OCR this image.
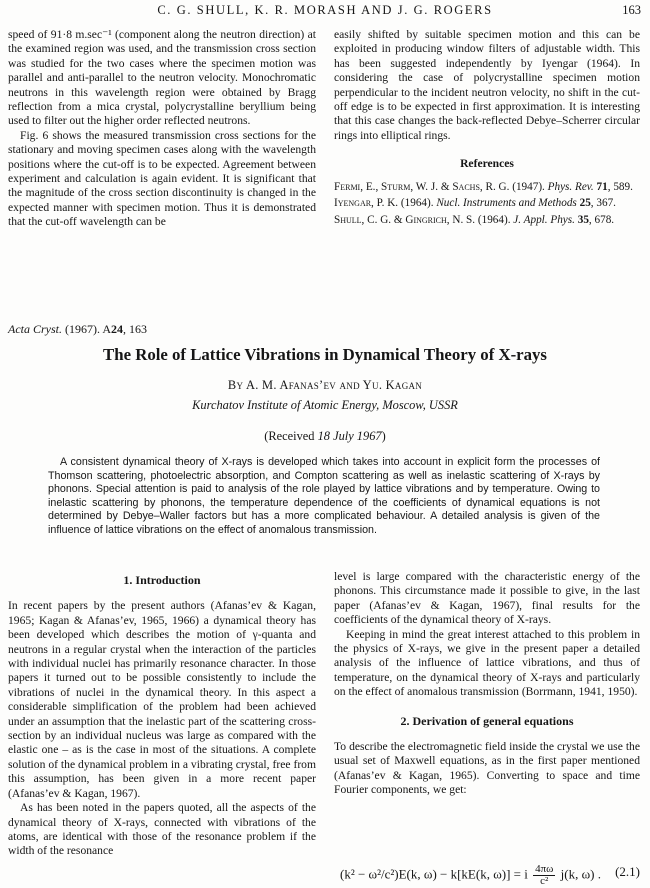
C. G. SHULL, K. R. MORASH AND J. G. ROGERS	163

speed of 91·8 m.sec⁻¹ (component along the neutron direction) at the examined region was used, and the transmission cross section was studied for the two cases where the specimen motion was parallel and anti-parallel to the neutron velocity. Monochromatic neutrons in this wavelength region were obtained by Bragg reflection from a mica crystal, polycrystalline beryllium being used to filter out the higher order reflected neutrons.

Fig. 6 shows the measured transmission cross sections for the stationary and moving specimen cases along with the wavelength positions where the cut-off is to be expected. Agreement between experiment and calculation is again evident. It is significant that the magnitude of the cross section discontinuity is changed in the expected manner with specimen motion. Thus it is demonstrated that the cut-off wavelength can be

easily shifted by suitable specimen motion and this can be exploited in producing window filters of adjustable width. This has been suggested independently by Iyengar (1964). In considering the case of polycrystalline specimen motion perpendicular to the incident neutron velocity, no shift in the cut-off edge is to be expected in first approximation. It is interesting that this case changes the back-reflected Debye–Scherrer circular rings into elliptical rings.

References
Fermi, E., Sturm, W. J. & Sachs, R. G. (1947). Phys. Rev. 71, 589.
Iyengar, P. K. (1964). Nucl. Instruments and Methods 25, 367.
Shull, C. G. & Gingrich, N. S. (1964). J. Appl. Phys. 35, 678.
Acta Cryst. (1967). A24, 163
The Role of Lattice Vibrations in Dynamical Theory of X-rays
By A. M. Afanas’ev and Yu. Kagan
Kurchatov Institute of Atomic Energy, Moscow, USSR
(Received 18 July 1967)
A consistent dynamical theory of X-rays is developed which takes into account in explicit form the processes of Thomson scattering, photoelectric absorption, and Compton scattering as well as inelastic scattering of X-rays by phonons. Special attention is paid to analysis of the role played by lattice vibrations and by temperature. Owing to inelastic scattering by phonons, the temperature dependence of the coefficients of dynamical equations is not determined by Debye–Waller factors but has a more complicated behaviour. A detailed analysis is given of the influence of lattice vibrations on the effect of anomalous transmission.
1. Introduction

In recent papers by the present authors (Afanas’ev & Kagan, 1965; Kagan & Afanas’ev, 1965, 1966) a dynamical theory has been developed which describes the motion of γ-quanta and neutrons in a regular crystal when the interaction of the particles with individual nuclei has primarily resonance character. In those papers it turned out to be possible consistently to include the vibrations of nuclei in the dynamical theory. In this aspect a considerable simplification of the problem had been achieved under an assumption that the inelastic part of the scattering cross-section by an individual nucleus was large as compared with the elastic one – as is the case in most of the situations. A complete solution of the dynamical problem in a vibrating crystal, free from this assumption, has been given in a more recent paper (Afanas’ev & Kagan, 1967).

As has been noted in the papers quoted, all the aspects of the dynamical theory of X-rays, connected with vibrations of the atoms, are identical with those of the resonance problem if the width of the resonance

level is large compared with the characteristic energy of the phonons. This circumstance made it possible to give, in the last paper (Afanas’ev & Kagan, 1967), final results for the coefficients of the dynamical theory of X-rays.

Keeping in mind the great interest attached to this problem in the physics of X-rays, we give in the present paper a detailed analysis of the influence of lattice vibrations, and thus of temperature, on the dynamical theory of X-rays and particularly on the effect of anomalous transmission (Borrmann, 1941, 1950).

2. Derivation of general equations

To describe the electromagnetic field inside the crystal we use the usual set of Maxwell equations, as in the first paper mentioned (Afanas’ev & Kagan, 1965). Converting to space and time Fourier components, we get:

(k² − ω²/c²)E(k, ω) − k[kE(k, ω)] = i $\frac{4\pi\omega}{\text{c²}} j(k$, ω) . (2.1)
